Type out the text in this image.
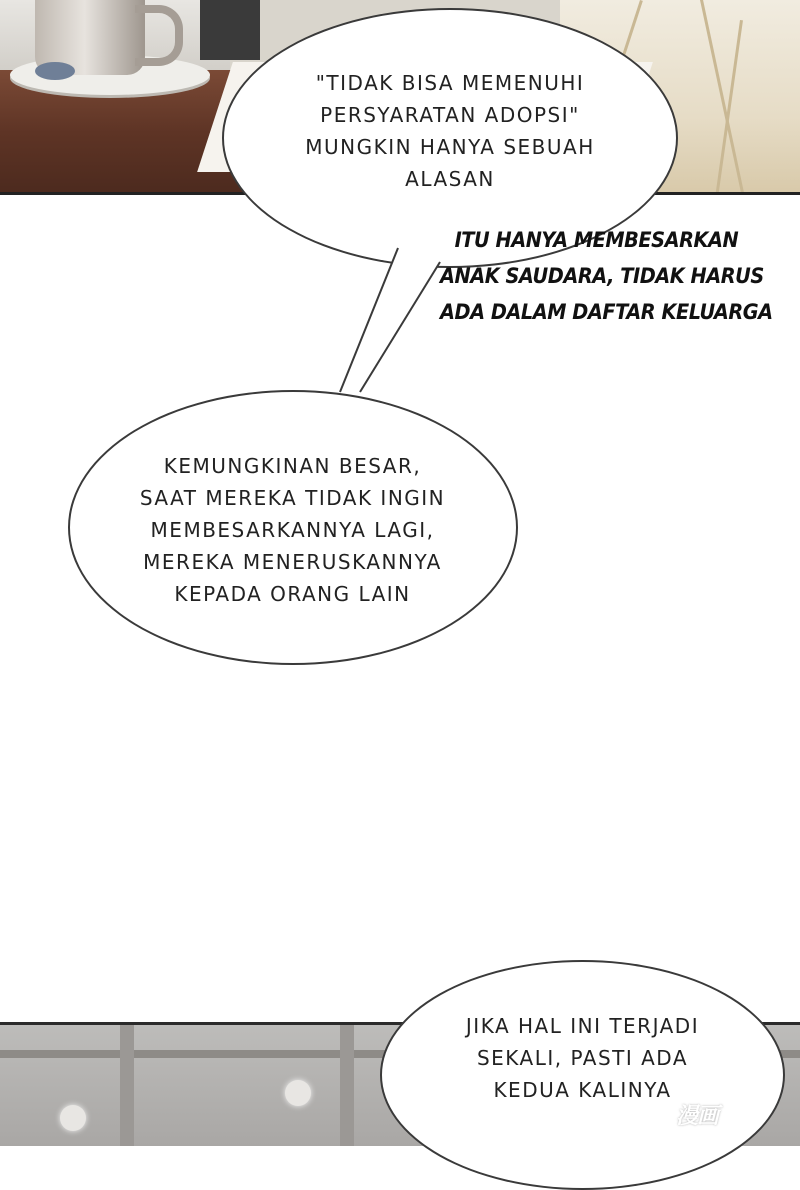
"TIDAK BISA MEMENUHI
PERSYARATAN ADOPSI"
MUNGKIN HANYA SEBUAH
ALASAN
ITU HANYA MEMBESARKAN
ANAK SAUDARA, TIDAK HARUS
ADA DALAM DAFTAR KELUARGA
KEMUNGKINAN BESAR,
SAAT MEREKA TIDAK INGIN
MEMBESARKANNYA LAGI,
MEREKA MENERUSKANNYA
KEPADA ORANG LAIN
JIKA HAL INI TERJADI
SEKALI, PASTI ADA
KEDUA KALINYA
漫画
